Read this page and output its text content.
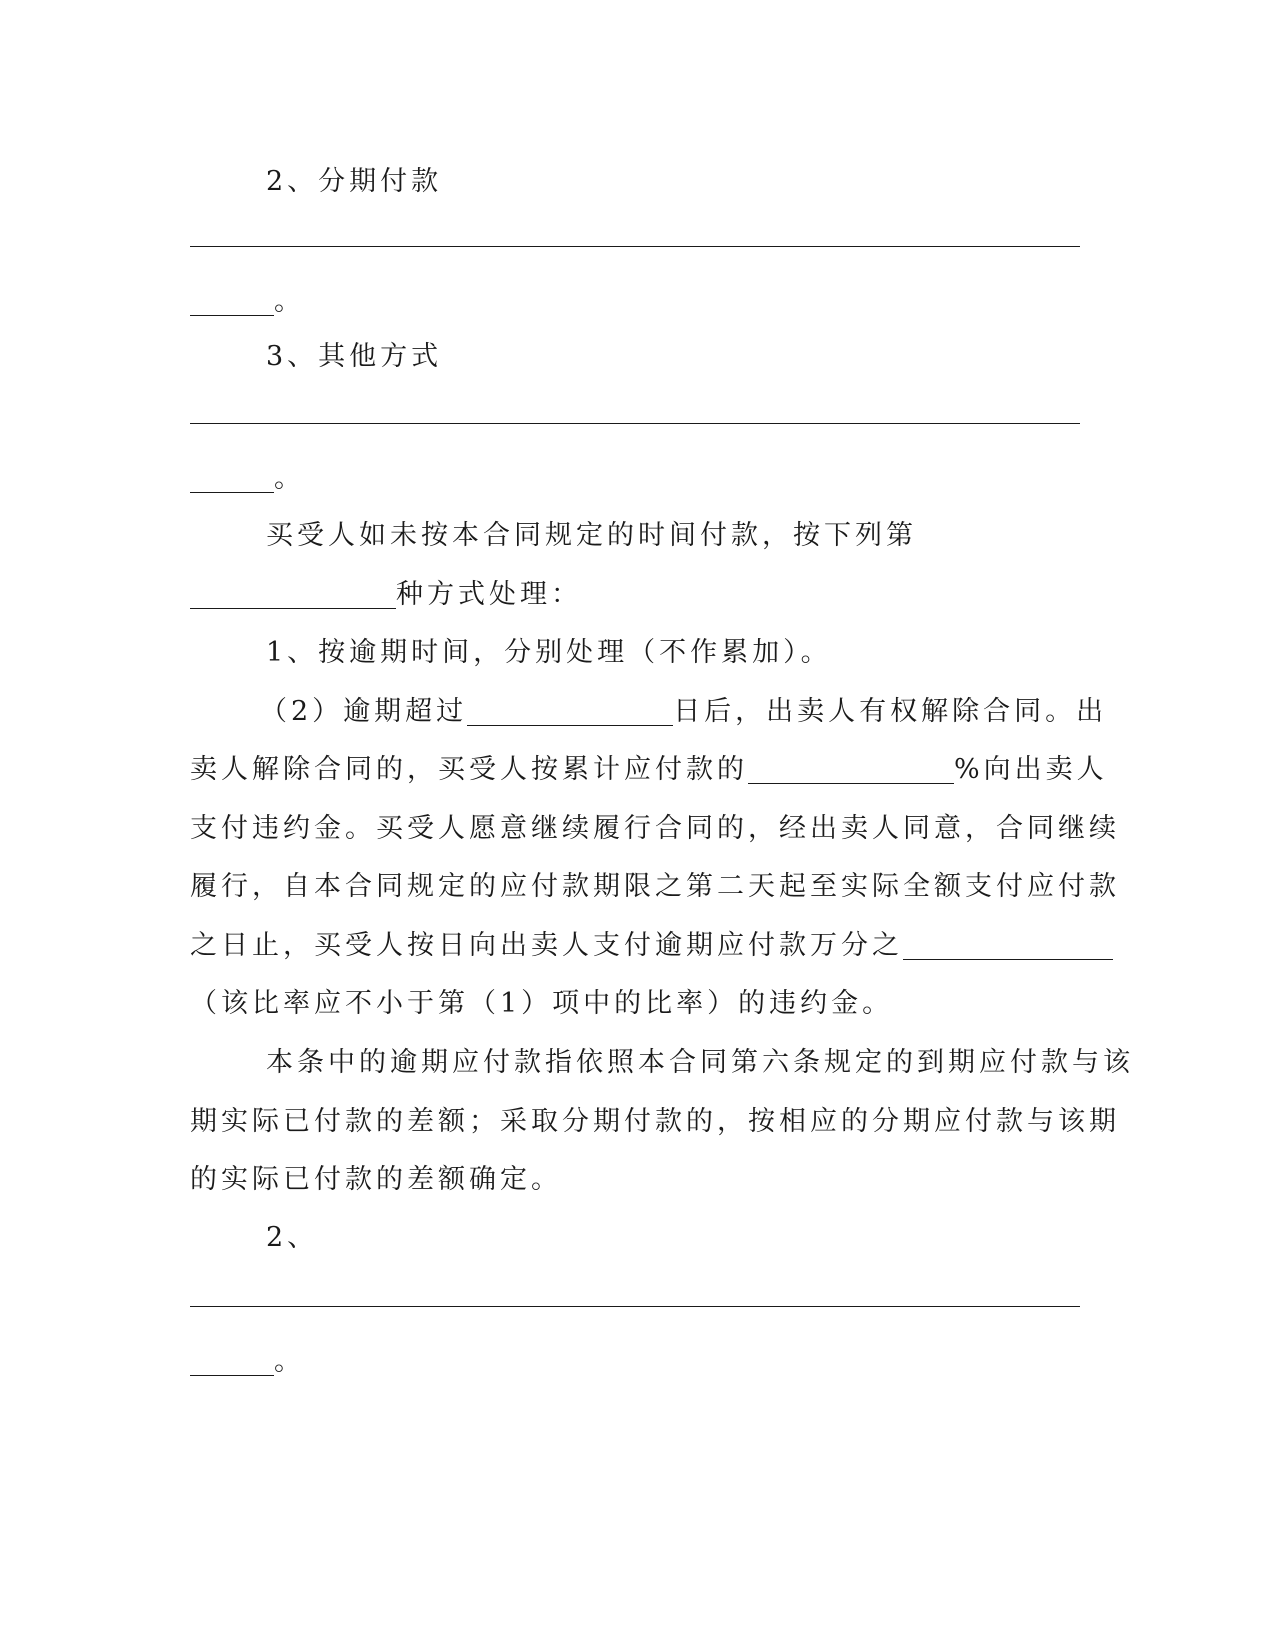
2、分期付款
。
3、其他方式
。
买受人如未按本合同规定的时间付款，按下列第
种方式处理：
1、按逾期时间，分别处理（不作累加）。
（2）逾期超过	日后，出卖人有权解除合同。出
卖人解除合同的，买受人按累计应付款的	%向出卖人
支付违约金。买受人愿意继续履行合同的，经出卖人同意，合同继续
履行，自本合同规定的应付款期限之第二天起至实际全额支付应付款
之日止，买受人按日向出卖人支付逾期应付款万分之
（该比率应不小于第（1）项中的比率）的违约金。
本条中的逾期应付款指依照本合同第六条规定的到期应付款与该
期实际已付款的差额；采取分期付款的，按相应的分期应付款与该期
的实际已付款的差额确定。
2、
。
